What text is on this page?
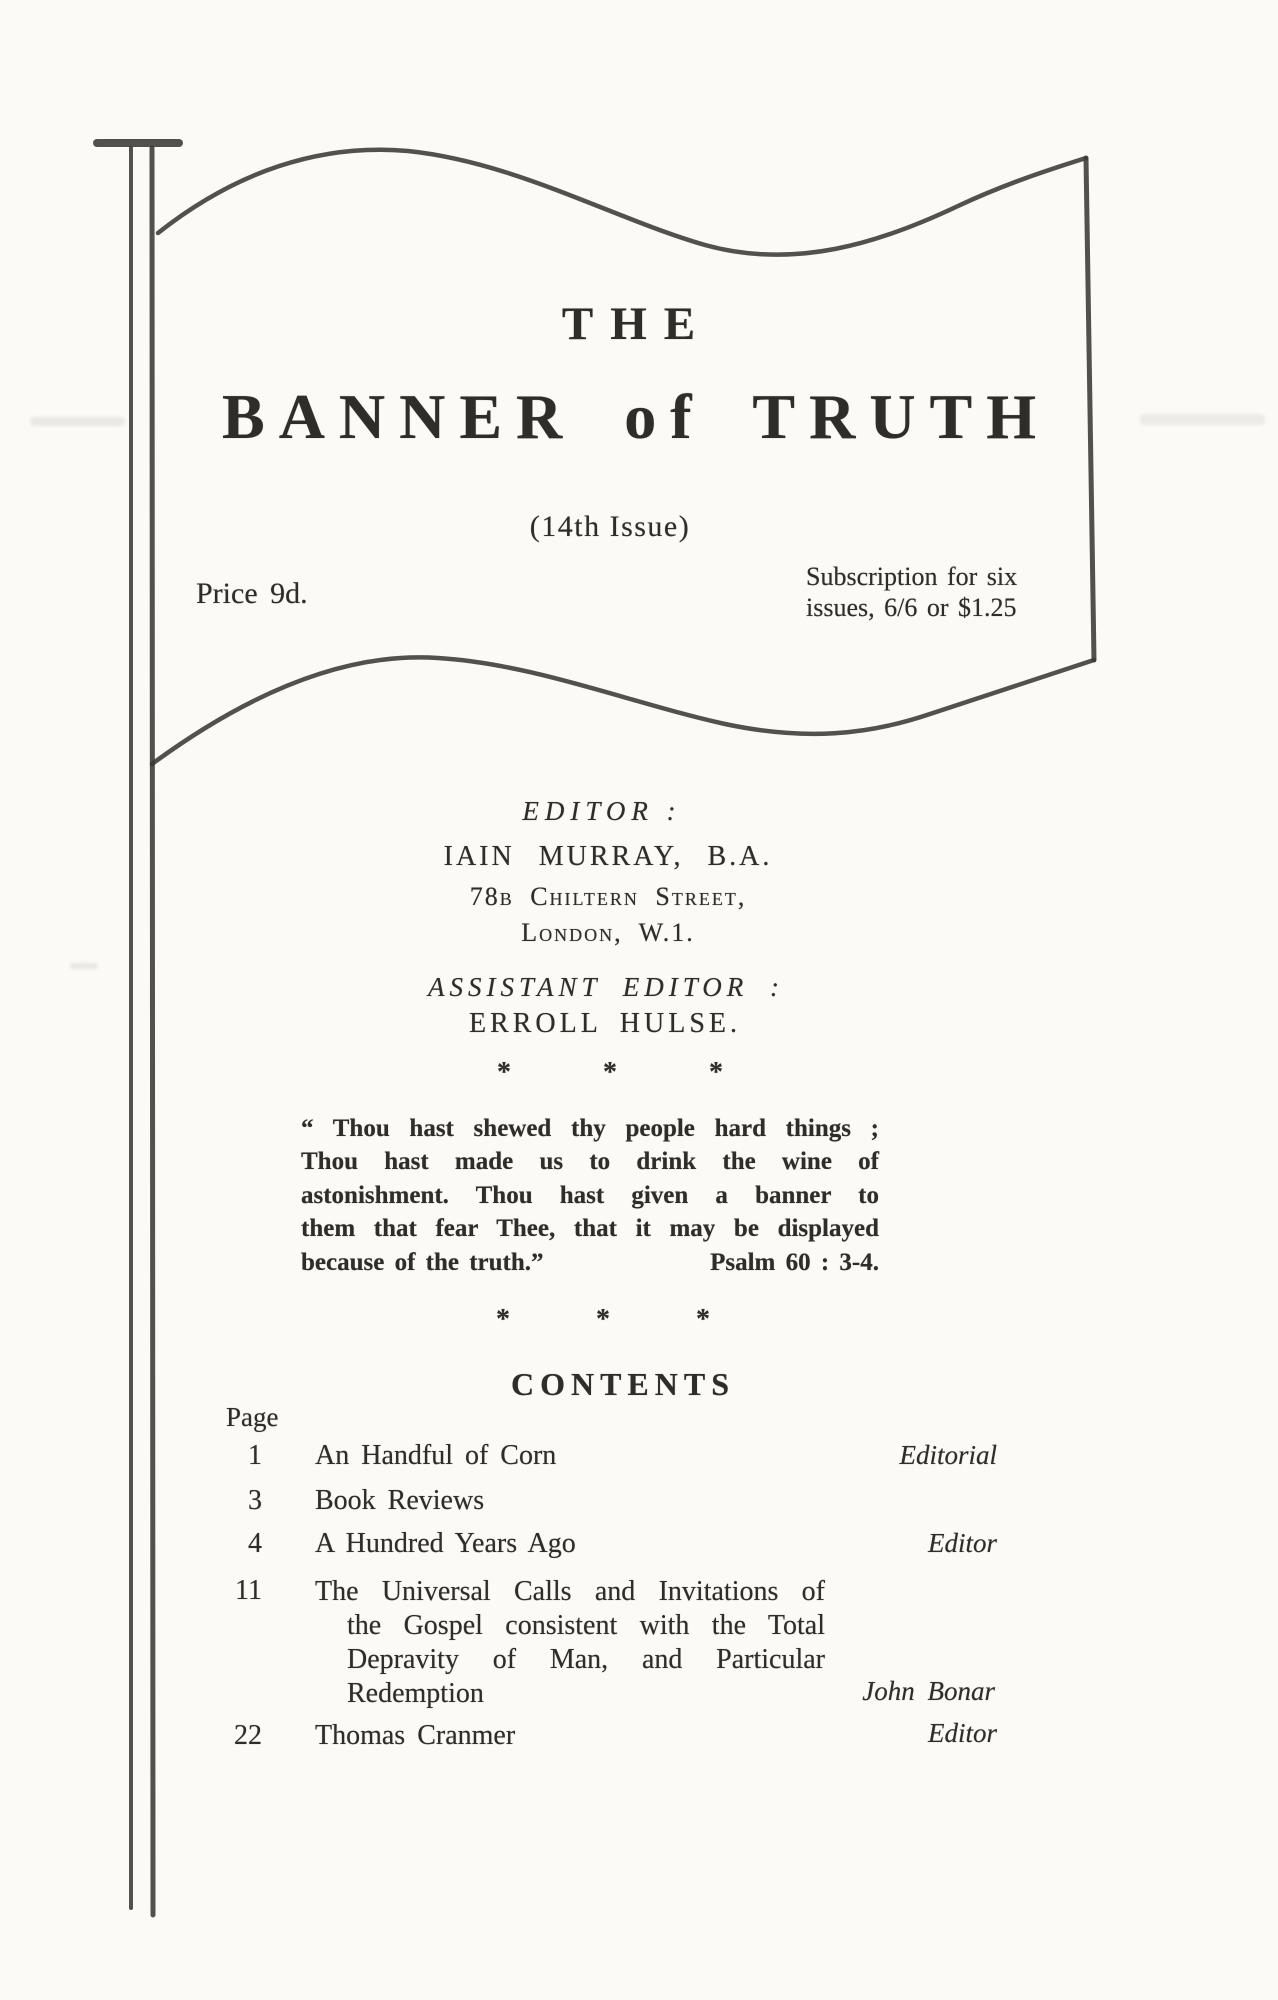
THE
BANNER of TRUTH
(14th Issue)
Price 9d.
Subscription for six
issues, 6/6 or $1.25
EDITOR :
IAIN MURRAY, B.A.
78b Chiltern Street,
London, W.1.
ASSISTANT EDITOR :
ERROLL HULSE.
*	*	*
“ Thou hast shewed thy people hard things ;
Thou hast made us to drink the wine of
astonishment. Thou hast given a banner to
them that fear Thee, that it may be displayed
because of the truth.”	Psalm 60 : 3-4.
*	*	*
CONTENTS
Page
1 An Handful of Corn	Editorial
3 Book Reviews
4 A Hundred Years Ago	Editor
11 The Universal Calls and Invitations of
the Gospel consistent with the Total
Depravity of Man, and Particular
Redemption	John Bonar
22 Thomas Cranmer	Editor
